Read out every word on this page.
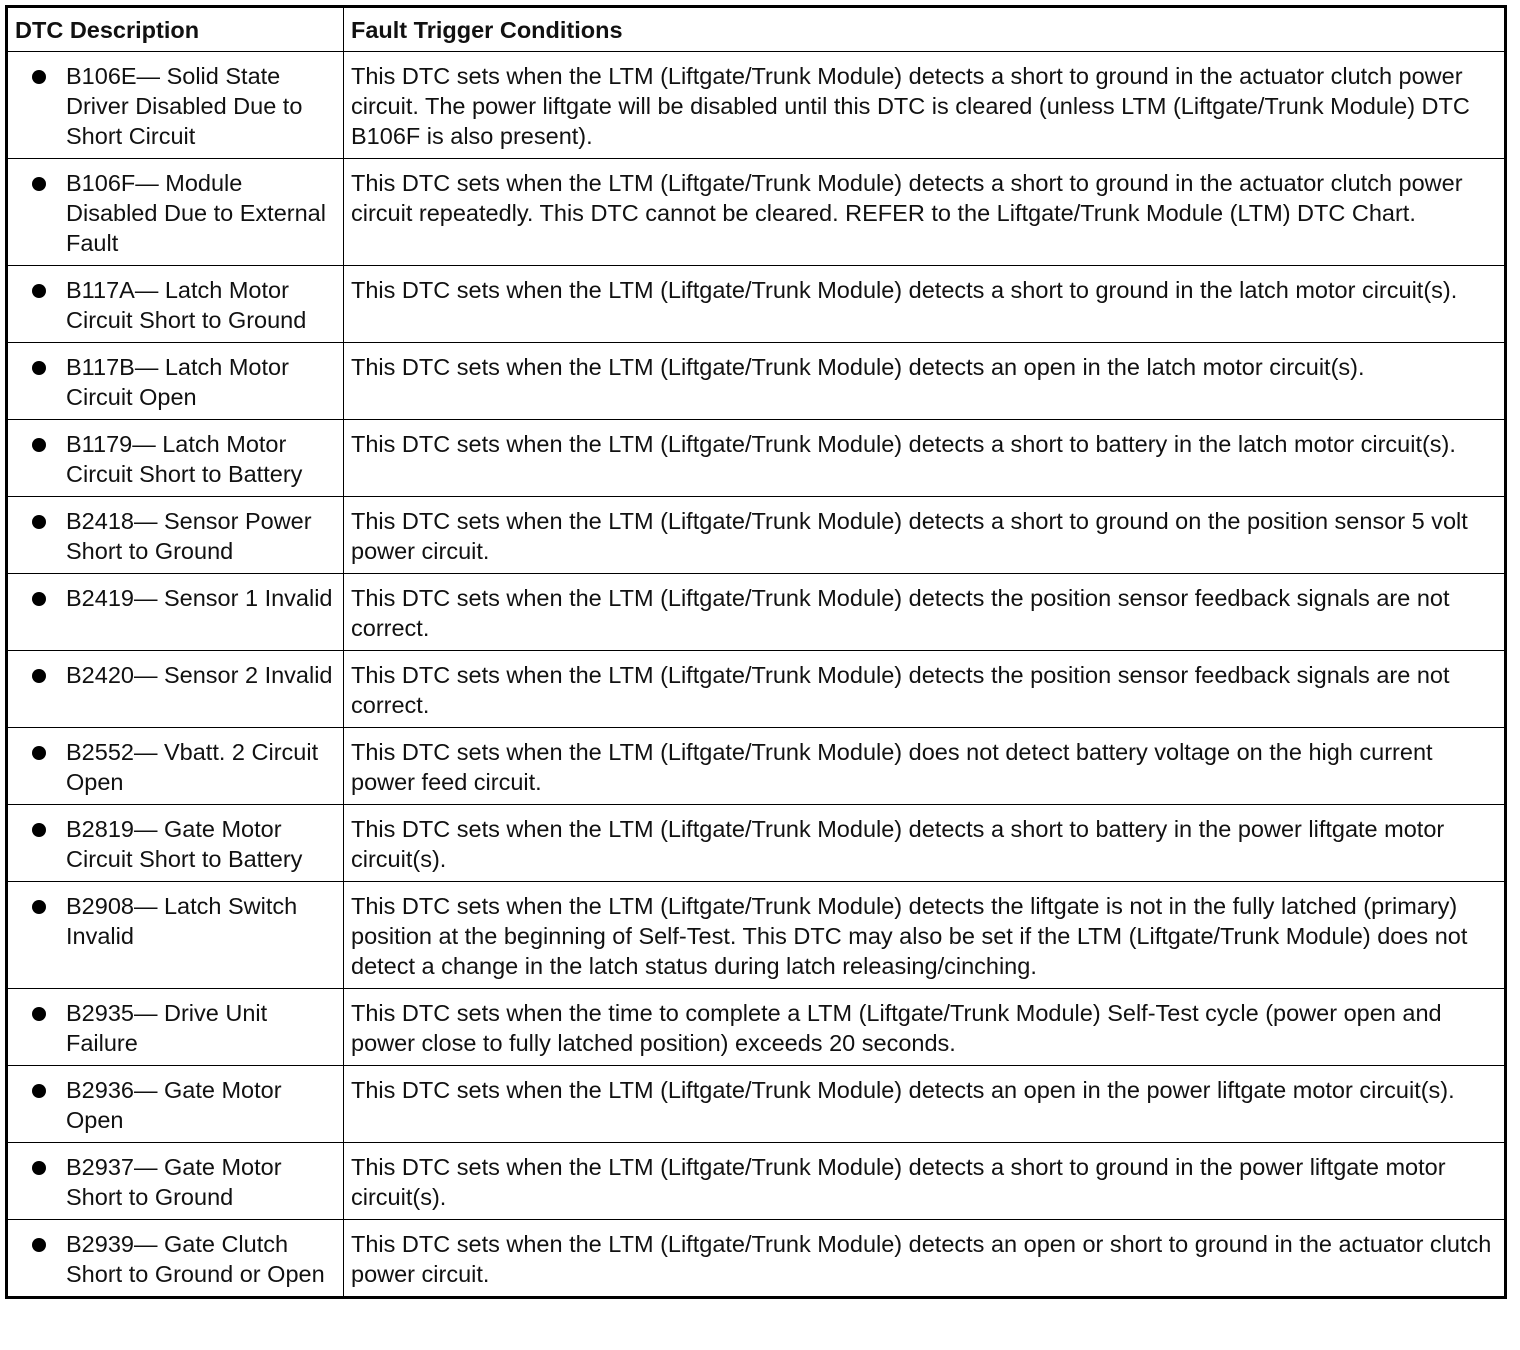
DTC Description	Fault Trigger Conditions

B106E— Solid State Driver Disabled Due to Short Circuit	This DTC sets when the LTM (Liftgate/Trunk Module) detects a short to ground in the actuator clutch power circuit. The power liftgate will be disabled until this DTC is cleared (unless LTM (Liftgate/Trunk Module) DTC B106F is also present).

B106F— Module Disabled Due to External Fault	This DTC sets when the LTM (Liftgate/Trunk Module) detects a short to ground in the actuator clutch power circuit repeatedly. This DTC cannot be cleared. REFER to the Liftgate/Trunk Module (LTM) DTC Chart.

B117A— Latch Motor Circuit Short to Ground	This DTC sets when the LTM (Liftgate/Trunk Module) detects a short to ground in the latch motor circuit(s).

B117B— Latch Motor Circuit Open	This DTC sets when the LTM (Liftgate/Trunk Module) detects an open in the latch motor circuit(s).

B1179— Latch Motor Circuit Short to Battery	This DTC sets when the LTM (Liftgate/Trunk Module) detects a short to battery in the latch motor circuit(s).

B2418— Sensor Power Short to Ground	This DTC sets when the LTM (Liftgate/Trunk Module) detects a short to ground on the position sensor 5 volt power circuit.

B2419— Sensor 1 Invalid	This DTC sets when the LTM (Liftgate/Trunk Module) detects the position sensor feedback signals are not correct.

B2420— Sensor 2 Invalid	This DTC sets when the LTM (Liftgate/Trunk Module) detects the position sensor feedback signals are not correct.

B2552— Vbatt. 2 Circuit Open	This DTC sets when the LTM (Liftgate/Trunk Module) does not detect battery voltage on the high current power feed circuit.

B2819— Gate Motor Circuit Short to Battery	This DTC sets when the LTM (Liftgate/Trunk Module) detects a short to battery in the power liftgate motor circuit(s).

B2908— Latch Switch Invalid	This DTC sets when the LTM (Liftgate/Trunk Module) detects the liftgate is not in the fully latched (primary) position at the beginning of Self-Test. This DTC may also be set if the LTM (Liftgate/Trunk Module) does not detect a change in the latch status during latch releasing/cinching.

B2935— Drive Unit Failure	This DTC sets when the time to complete a LTM (Liftgate/Trunk Module) Self-Test cycle (power open and power close to fully latched position) exceeds 20 seconds.

B2936— Gate Motor Open	This DTC sets when the LTM (Liftgate/Trunk Module) detects an open in the power liftgate motor circuit(s).

B2937— Gate Motor Short to Ground	This DTC sets when the LTM (Liftgate/Trunk Module) detects a short to ground in the power liftgate motor circuit(s).

B2939— Gate Clutch Short to Ground or Open	This DTC sets when the LTM (Liftgate/Trunk Module) detects an open or short to ground in the actuator clutch power circuit.
